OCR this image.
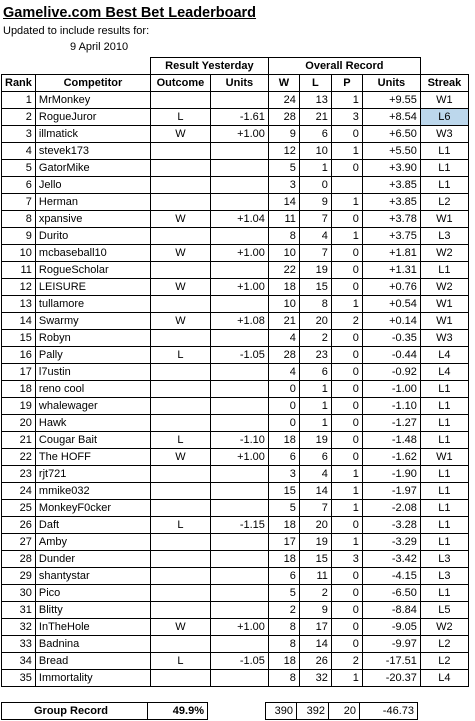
Gamelive.com Best Bet Leaderboard
Updated to include results for:
9 April 2010
		Result Yesterday		Overall Record				
Rank	Competitor	Outcome	Units	W	L	P	Units	Streak
1	MrMonkey			24	13	1	+9.55	W1
2	RogueJuror	L	-1.61	28	21	3	+8.54	L6
3	illmatick	W	+1.00	9	6	0	+6.50	W3
4	stevek173			12	10	1	+5.50	L1
5	GatorMike			5	1	0	+3.90	L1
6	Jello			3	0		+3.85	L1
7	Herman			14	9	1	+3.85	L2
8	xpansive	W	+1.04	11	7	0	+3.78	W1
9	Durito			8	4	1	+3.75	L3
10	mcbaseball10	W	+1.00	10	7	0	+1.81	W2
11	RogueScholar			22	19	0	+1.31	L1
12	LEISURE	W	+1.00	18	15	0	+0.76	W2
13	tullamore			10	8	1	+0.54	W1
14	Swarmy	W	+1.08	21	20	2	+0.14	W1
15	Robyn			4	2	0	-0.35	W3
16	Pally	L	-1.05	28	23	0	-0.44	L4
17	l7ustin			4	6	0	-0.92	L4
18	reno cool			0	1	0	-1.00	L1
19	whalewager			0	1	0	-1.10	L1
20	Hawk			0	1	0	-1.27	L1
21	Cougar Bait	L	-1.10	18	19	0	-1.48	L1
22	The HOFF	W	+1.00	6	6	0	-1.62	W1
23	rjt721			3	4	1	-1.90	L1
24	mmike032			15	14	1	-1.97	L1
25	MonkeyF0cker			5	7	1	-2.08	L1
26	Daft	L	-1.15	18	20	0	-3.28	L1
27	Amby			17	19	1	-3.29	L1
28	Dunder			18	15	3	-3.42	L3
29	shantystar			6	11	0	-4.15	L3
30	Pico			5	2	0	-6.50	L1
31	Blitty			2	9	0	-8.84	L5
32	InTheHole	W	+1.00	8	17	0	-9.05	W2
33	Badnina			8	14	0	-9.97	L2
34	Bread	L	-1.05	18	26	2	-17.51	L2
35	Immortality			8	32	1	-20.37	L4
Group Record	49.9%		390	392	20	-46.73	
